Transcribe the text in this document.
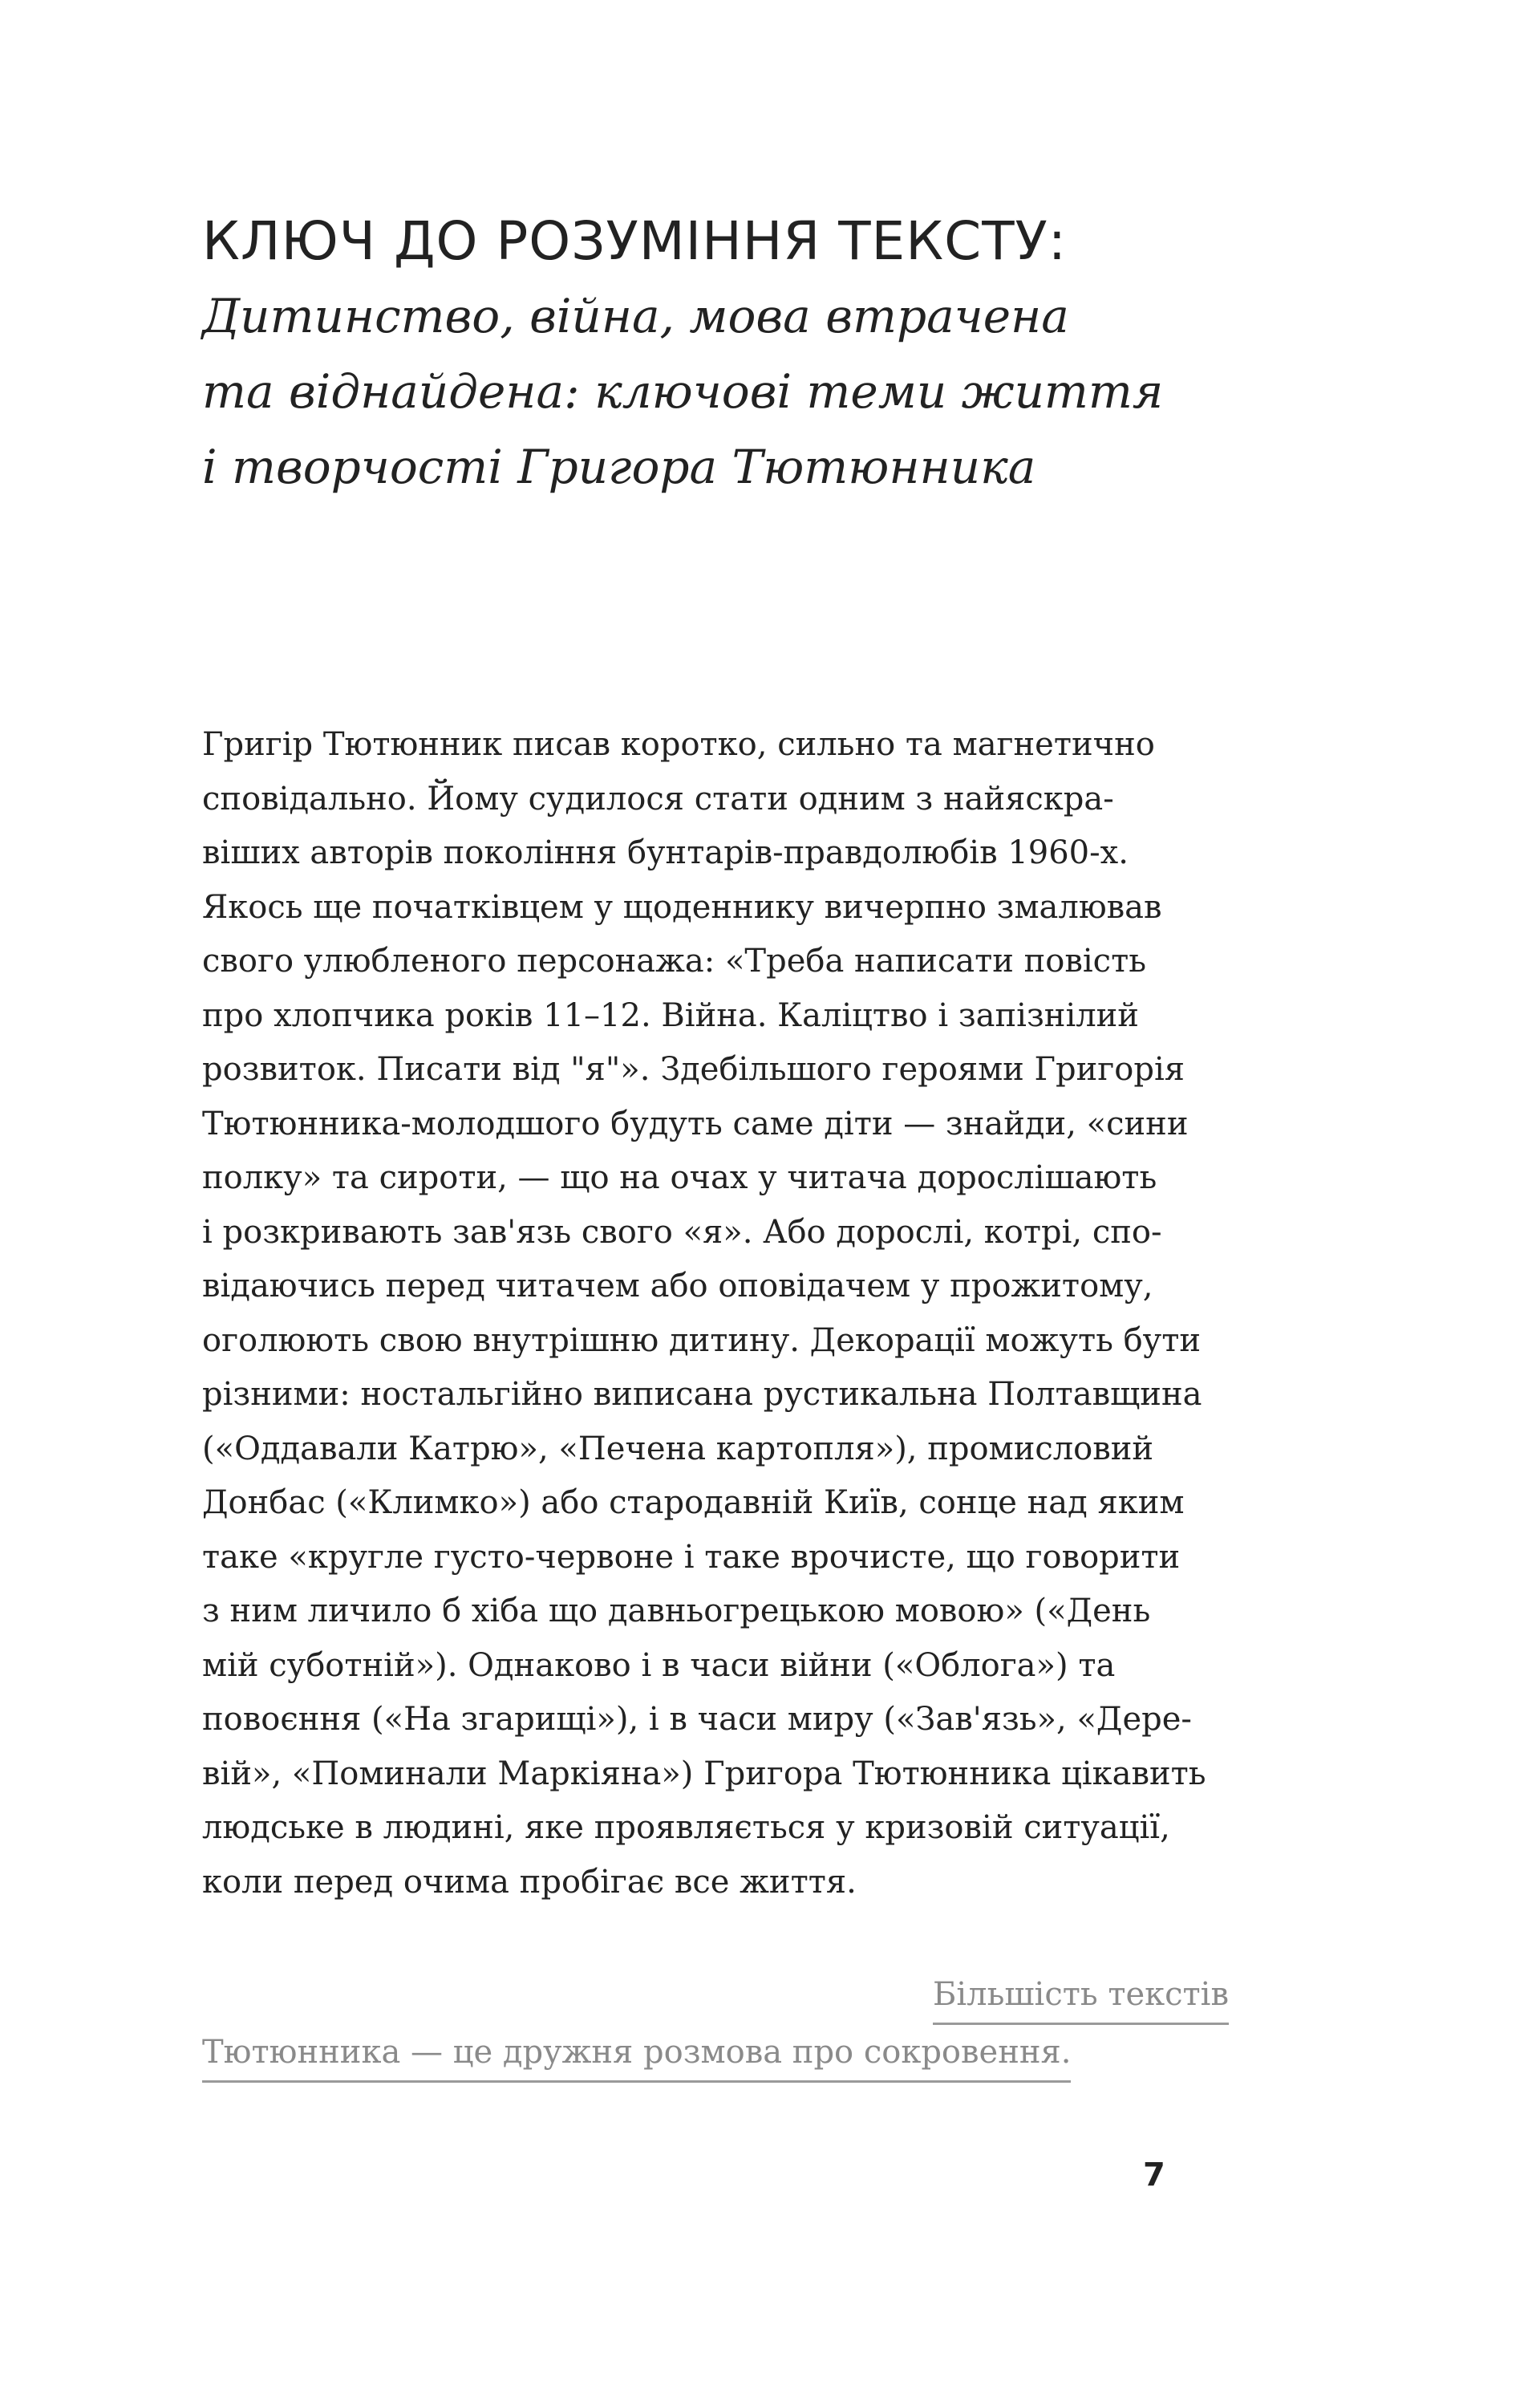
КЛЮЧ ДО РОЗУМІННЯ ТЕКСТУ:

Дитинство, війна, мова втрачена
та віднайдена: ключові теми життя
і творчості Григора Тютюнника

Григір Тютюнник писав коротко, сильно та магнетично
сповідально. Йому судилося стати одним з найяскра-
віших авторів покоління бунтарів-правдолюбів 1960-х.
Якось ще початківцем у щоденнику вичерпно змалював
свого улюбленого персонажа: «Треба написати повість
про хлопчика років 11–12. Війна. Каліцтво і запізнілий
розвиток. Писати від "я"». Здебільшого героями Григорія
Тютюнника-молодшого будуть саме діти — знайди, «сини
полку» та сироти, — що на очах у читача дорослішають
і розкривають зав'язь свого «я». Або дорослі, котрі, спо-
відаючись перед читачем або оповідачем у прожитому,
оголюють свою внутрішню дитину. Декорації можуть бути
різними: ностальгійно виписана рустикальна Полтавщина
(«Оддавали Катрю», «Печена картопля»), промисловий
Донбас («Климко») або стародавній Київ, сонце над яким
таке «кругле густо-червоне і таке врочисте, що говорити
з ним личило б хіба що давньогрецькою мовою» («День
мій суботній»). Однаково і в часи війни («Облога») та
повоєння («На згарищі»), і в часи миру («Зав'язь», «Дере-
вій», «Поминали Маркіяна») Григора Тютюнника цікавить
людське в людині, яке проявляється у кризовій ситуації,
коли перед очима пробігає все життя.

Більшість текстів
Тютюнника — це дружня розмова про сокровення.
7
